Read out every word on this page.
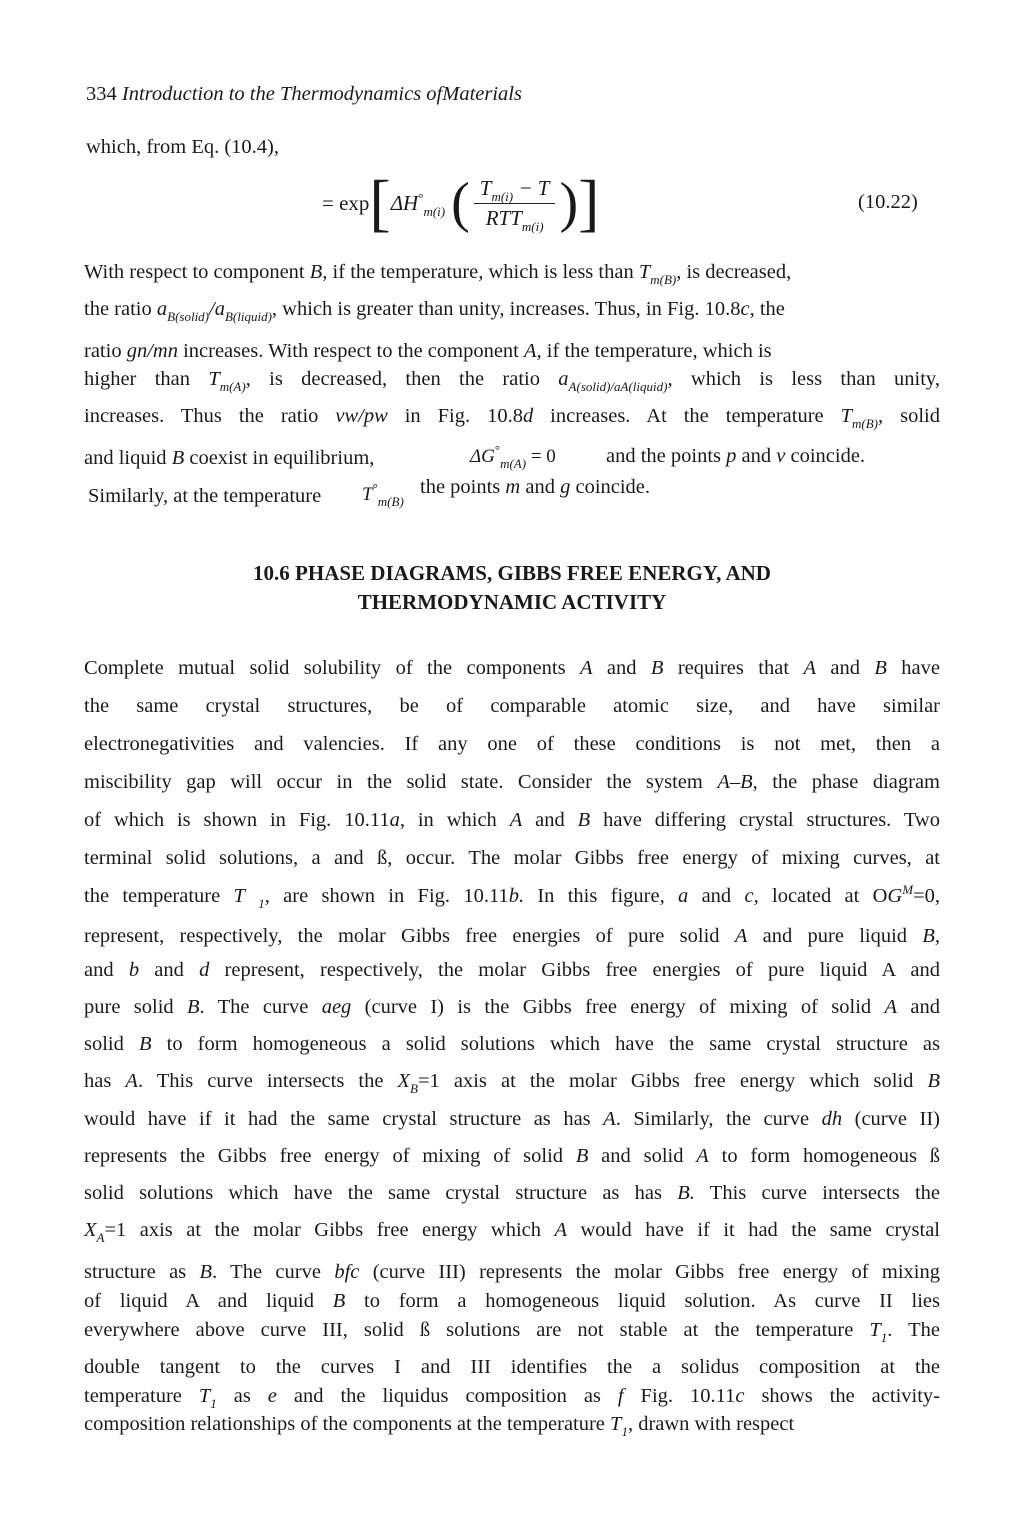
334 Introduction to the Thermodynamics ofMaterials
which, from Eq. (10.4),
= exp [ $\Delta H^\circ_{m(i)}$ ( $\frac{T_{m(i)} - T}{RTT_{m(i)}}$ ) ]	(10.22)
With respect to component B, if the temperature, which is less than $T_{m(B)}$, is decreased,
the ratio $a_{B(solid)}/a_{B(liquid)}$, which is greater than unity, increases. Thus, in Fig. 10.8c, the
ratio gn/mn increases. With respect to the component A, if the temperature, which is
higher than $T_{m(A)}$, is decreased, then the ratio $a_{A(solid)/aA(liquid)}$, which is less than unity,
increases. Thus the ratio vw/pw in Fig. 10.8d increases. At the temperature $T_{m(B)}$, solid
and liquid B coexist in equilibrium,	$\Delta G^\circ_{m(A)} = 0$ and the points p and v coincide.
Similarly, at the temperature $T^\circ_{m(B)}$
the points m and g coincide.
10.6 PHASE DIAGRAMS, GIBBS FREE ENERGY, AND
THERMODYNAMIC ACTIVITY
Complete mutual solid solubility of the components A and B requires that A and B have
the same crystal structures, be of comparable atomic size, and have similar
electronegativities and valencies. If any one of these conditions is not met, then a
miscibility gap will occur in the solid state. Consider the system A–B, the phase diagram
of which is shown in Fig. 10.11a, in which A and B have differing crystal structures. Two
terminal solid solutions, a and ß, occur. The molar Gibbs free energy of mixing curves, at
the temperature T $_1$, are shown in Fig. 10.11b. In this figure, a and c, located at $OG^M=0$,
represent, respectively, the molar Gibbs free energies of pure solid A and pure liquid B,
and b and d represent, respectively, the molar Gibbs free energies of pure liquid A and
pure solid B. The curve aeg (curve I) is the Gibbs free energy of mixing of solid A and
solid B to form homogeneous a solid solutions which have the same crystal structure as
has A. This curve intersects the $X_B=1$ axis at the molar Gibbs free energy which solid B
would have if it had the same crystal structure as has A. Similarly, the curve dh (curve II)
represents the Gibbs free energy of mixing of solid B and solid A to form homogeneous ß
solid solutions which have the same crystal structure as has B. This curve intersects the
$X_A=1$ axis at the molar Gibbs free energy which A would have if it had the same crystal
structure as B. The curve bfc (curve III) represents the molar Gibbs free energy of mixing
of liquid A and liquid B to form a homogeneous liquid solution. As curve II lies
everywhere above curve III, solid ß solutions are not stable at the temperature $T_1$. The
double tangent to the curves I and III identifies the a solidus composition at the
temperature $T_1$ as e and the liquidus composition as f Fig. 10.11c shows the activity-
composition relationships of the components at the temperature $T_1$, drawn with respect
